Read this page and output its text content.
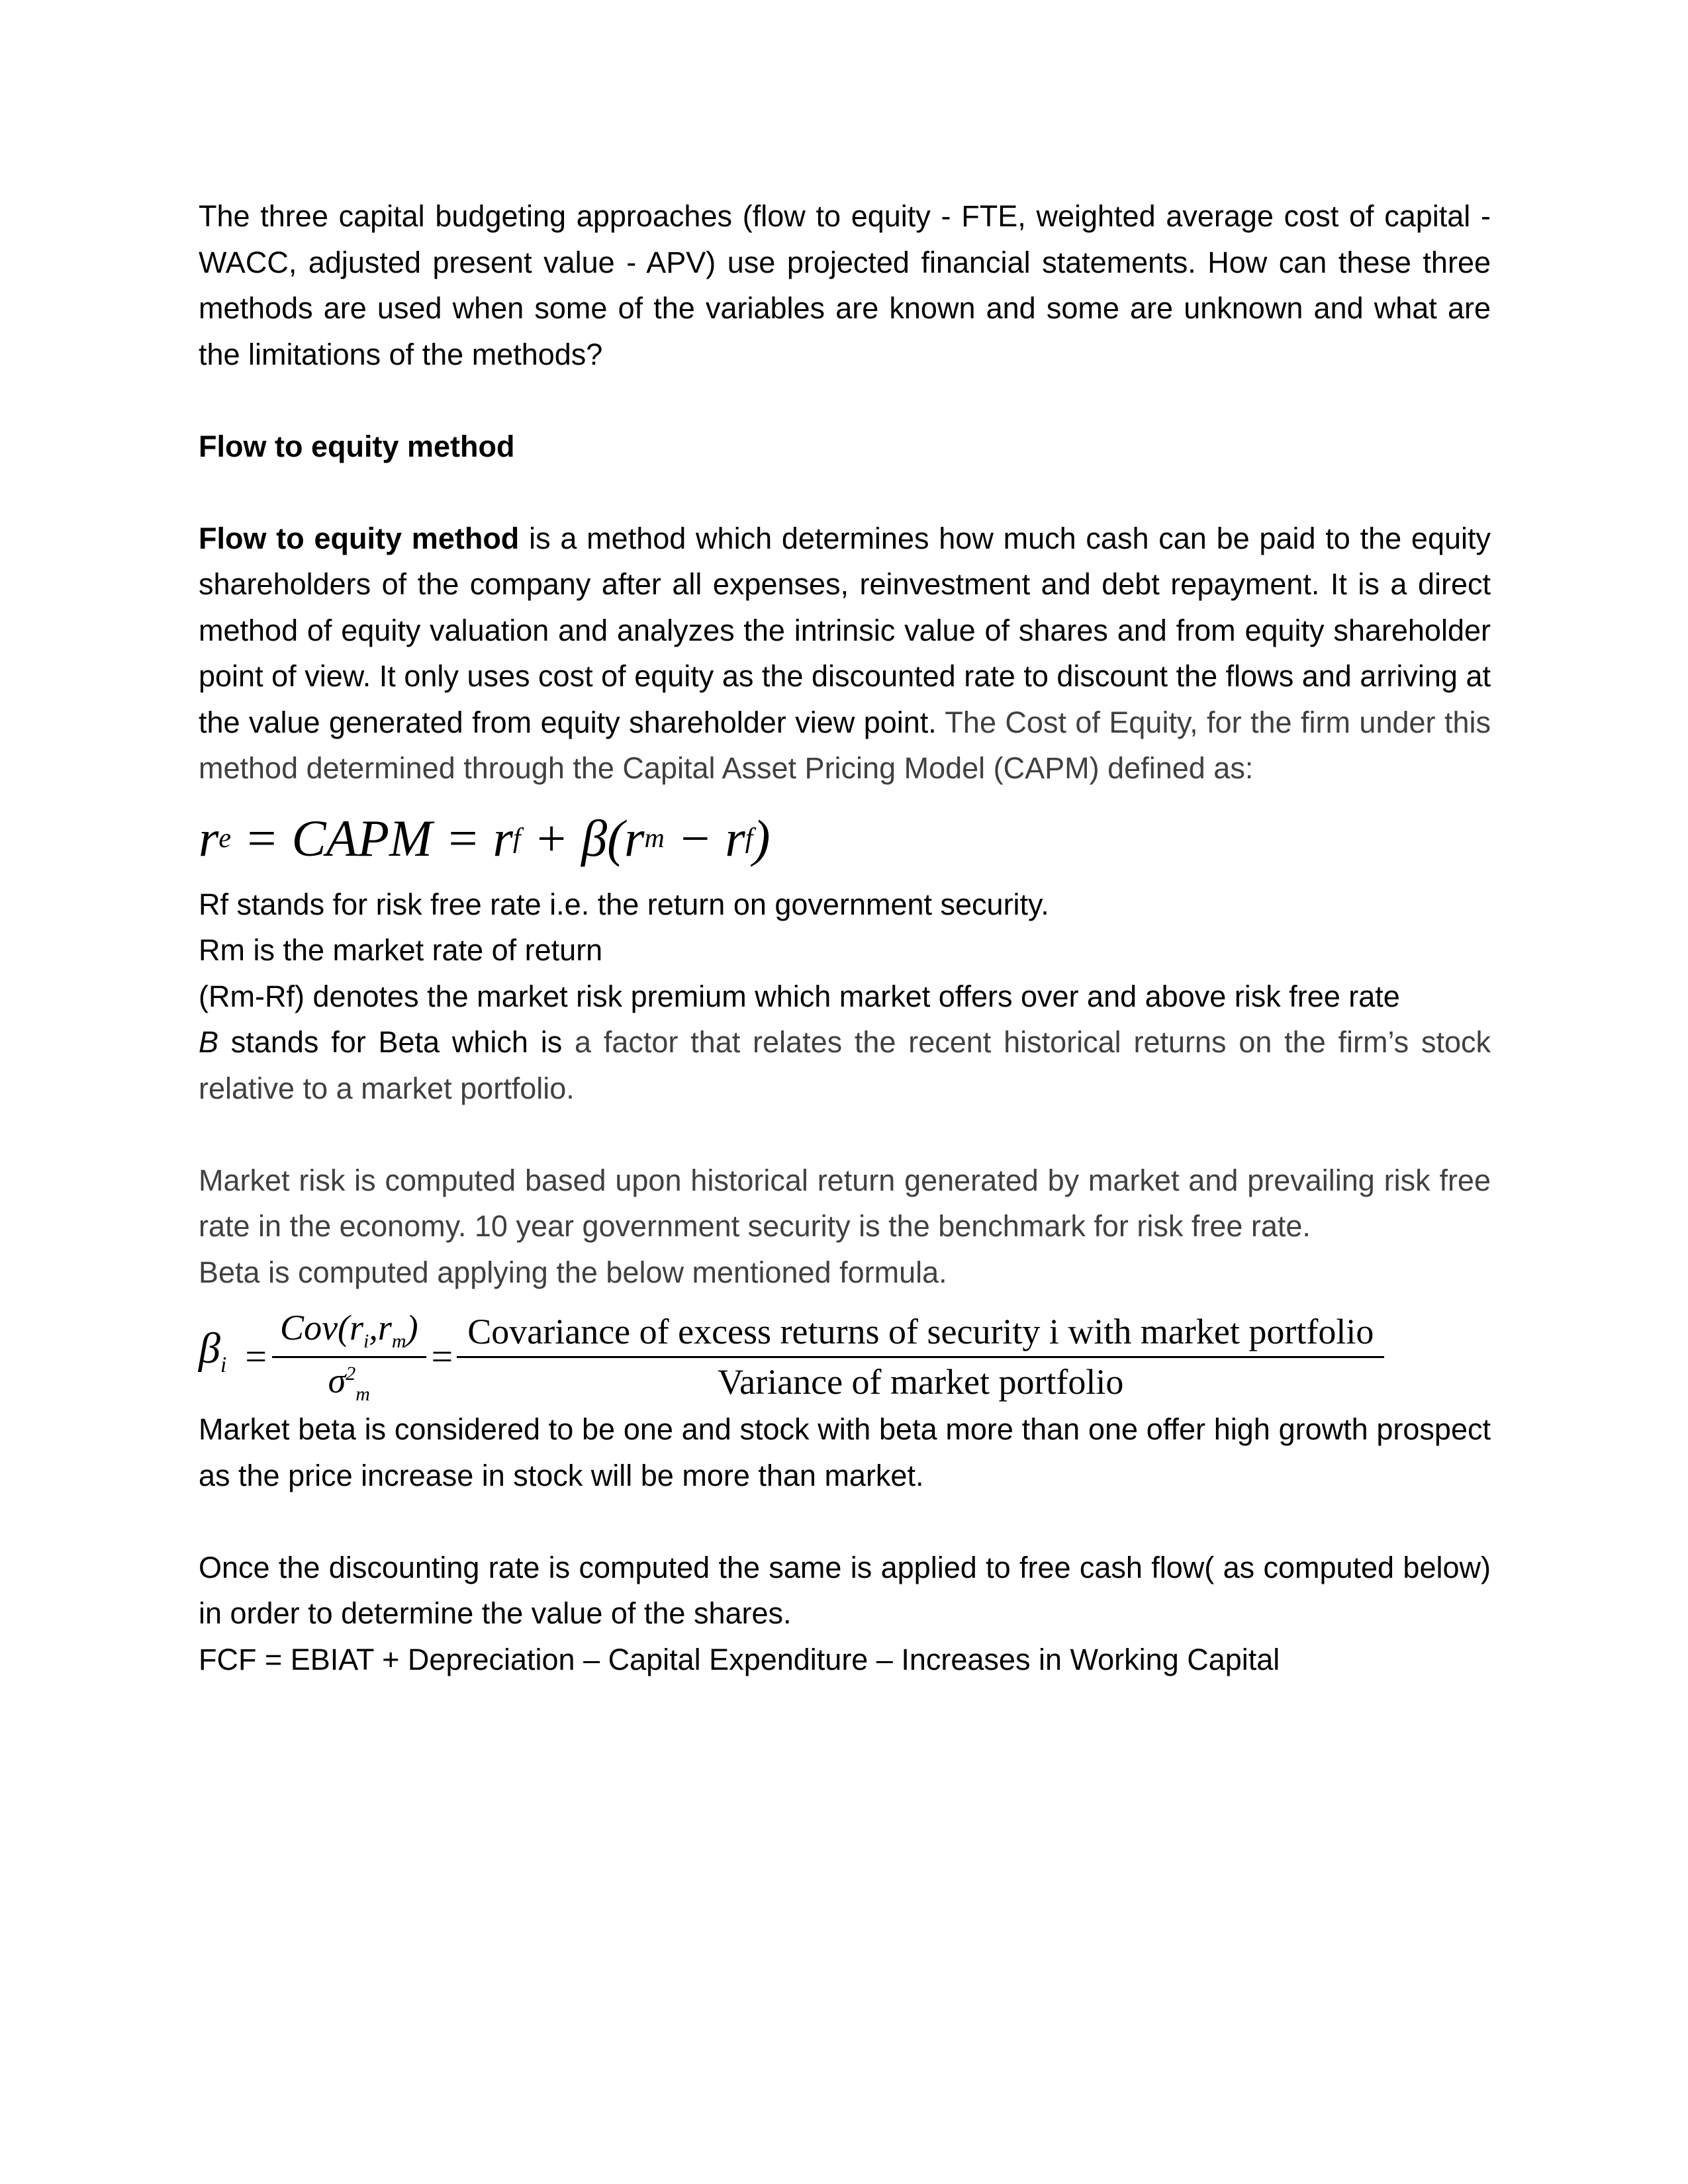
The three capital budgeting approaches (flow to equity - FTE, weighted average cost of capital - WACC, adjusted present value - APV) use projected financial statements. How can these three methods are used when some of the variables are known and some are unknown and what are the limitations of the methods?

Flow to equity method

Flow to equity method is a method which determines how much cash can be paid to the equity shareholders of the company after all expenses, reinvestment and debt repayment. It is a direct method of equity valuation and analyzes the intrinsic value of shares and from equity shareholder point of view. It only uses cost of equity as the discounted rate to discount the flows and arriving at the value generated from equity shareholder view point. The Cost of Equity, for the firm under this method determined through the Capital Asset Pricing Model (CAPM) defined as:

r e = CAPM = r f + β( r m − r f )

Rf stands for risk free rate i.e. the return on government security.

Rm is the market rate of return

(Rm-Rf) denotes the market risk premium which market offers over and above risk free rate

B stands for Beta which is a factor that relates the recent historical returns on the firm’s stock relative to a market portfolio.

Market risk is computed based upon historical return generated by market and prevailing risk free rate in the economy. 10 year government security is the benchmark for risk free rate.

Beta is computed applying the below mentioned formula.

$\beta_i = \frac{Cov(r_i,r_m)}{\sigma^2_m}$ =
Covariance of excess returns of security i with market portfolio
Variance of market portfolio

Market beta is considered to be one and stock with beta more than one offer high growth prospect as the price increase in stock will be more than market.

Once the discounting rate is computed the same is applied to free cash flow( as computed below) in order to determine the value of the shares.

FCF = EBIAT + Depreciation – Capital Expenditure – Increases in Working Capital
